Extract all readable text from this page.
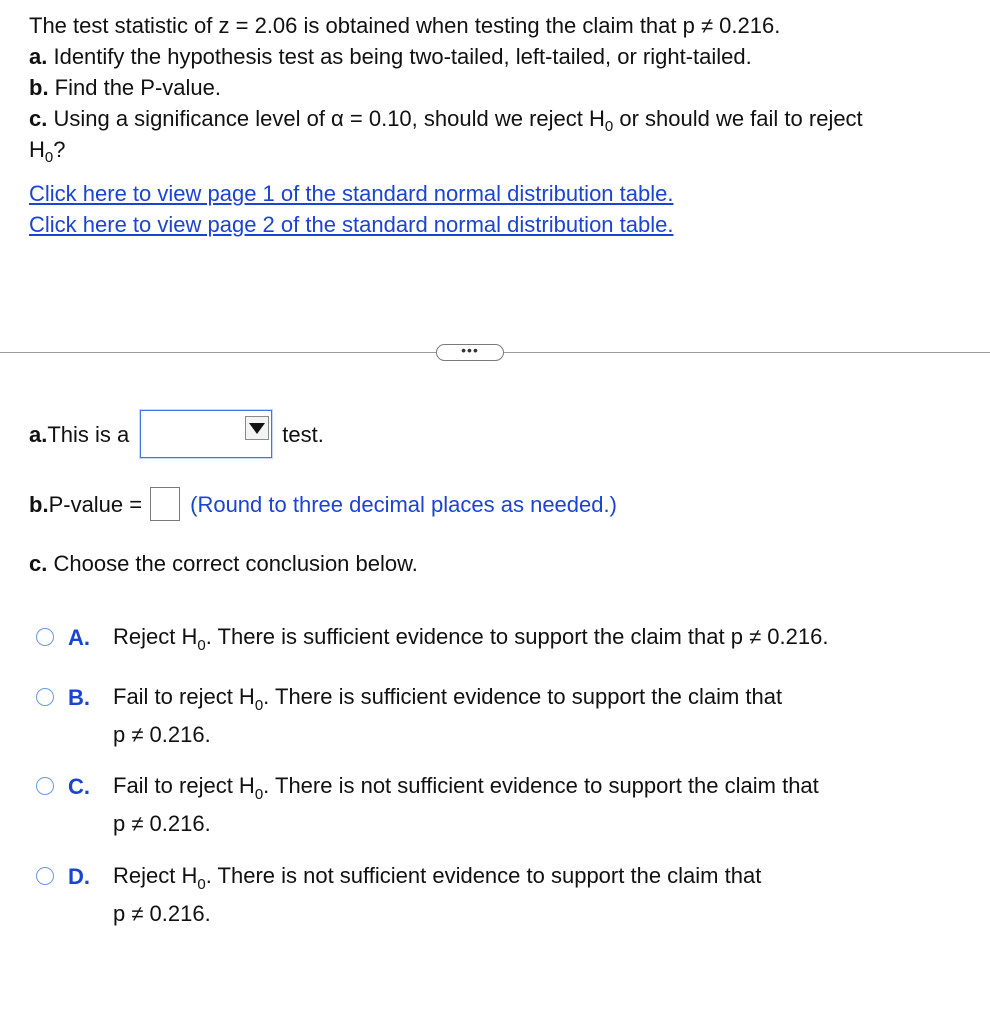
The test statistic of z = 2.06 is obtained when testing the claim that p ≠ 0.216.
a. Identify the hypothesis test as being two-tailed, left-tailed, or right-tailed.
b. Find the P-value.
c. Using a significance level of α = 0.10, should we reject $H_0$ or should we fail to reject
$H_0$?
Click here to view page 1 of the standard normal distribution table.
Click here to view page 2 of the standard normal distribution table.
•••
a. This is a	test.
b. P-value = (Round to three decimal places as needed.)
c. Choose the correct conclusion below.
A. Reject $H_0$. There is sufficient evidence to support the claim that p ≠ 0.216.
B. Fail to reject $H_0$. There is sufficient evidence to support the claim that
p ≠ 0.216.
C. Fail to reject $H_0$. There is not sufficient evidence to support the claim that
p ≠ 0.216.
D. Reject $H_0$. There is not sufficient evidence to support the claim that
p ≠ 0.216.
